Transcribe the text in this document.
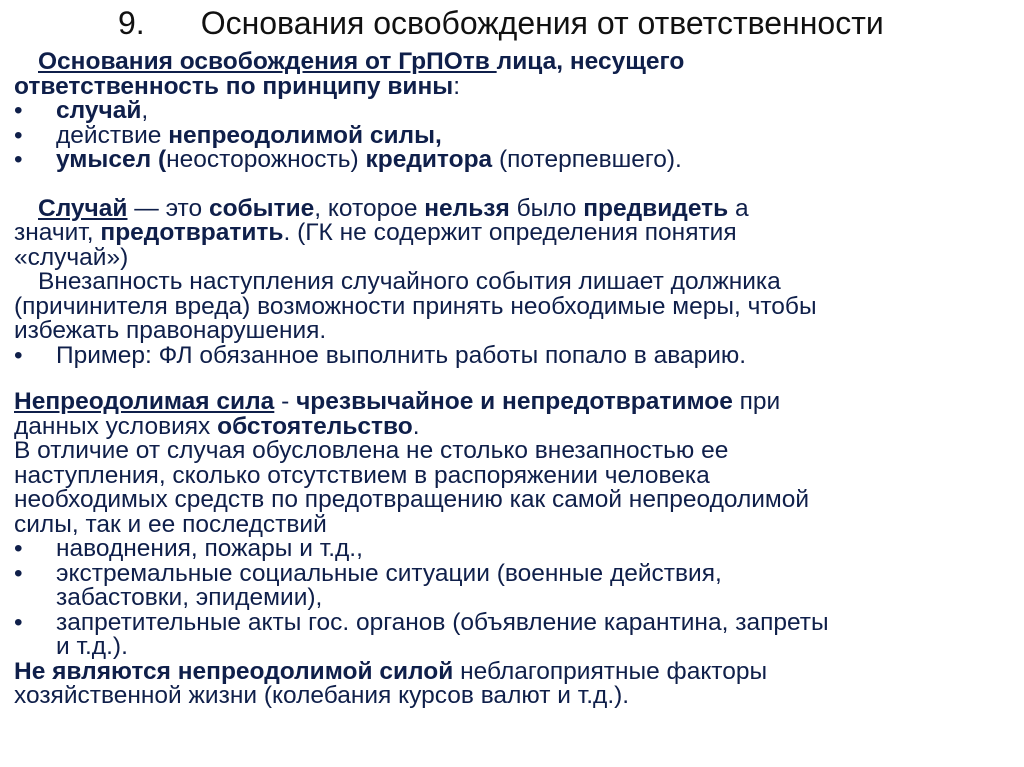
9. Основания освобождения от ответственности
Основания освобождения от ГрПОтв лица, несущего
ответственность по принципу вины:
• случай,
• действие непреодолимой силы,
• умысел (неосторожность) кредитора (потерпевшего).
Случай — это событие, которое нельзя было предвидеть а
значит, предотвратить. (ГК не содержит определения понятия
«случай»)
Внезапность наступления случайного события лишает должника
(причинителя вреда) возможности принять необходимые меры, чтобы
избежать правонарушения.
• Пример: ФЛ обязанное выполнить работы попало в аварию.
Непреодолимая сила - чрезвычайное и непредотвратимое при
данных условиях обстоятельство.
В отличие от случая обусловлена не столько внезапностью ее
наступления, сколько отсутствием в распоряжении человека
необходимых средств по предотвращению как самой непреодолимой
силы, так и ее последствий
• наводнения, пожары и т.д.,
• экстремальные социальные ситуации (военные действия,
забастовки, эпидемии),
• запретительные акты гос. органов (объявление карантина, запреты
и т.д.).
Не являются непреодолимой силой неблагоприятные факторы
хозяйственной жизни (колебания курсов валют и т.д.).
